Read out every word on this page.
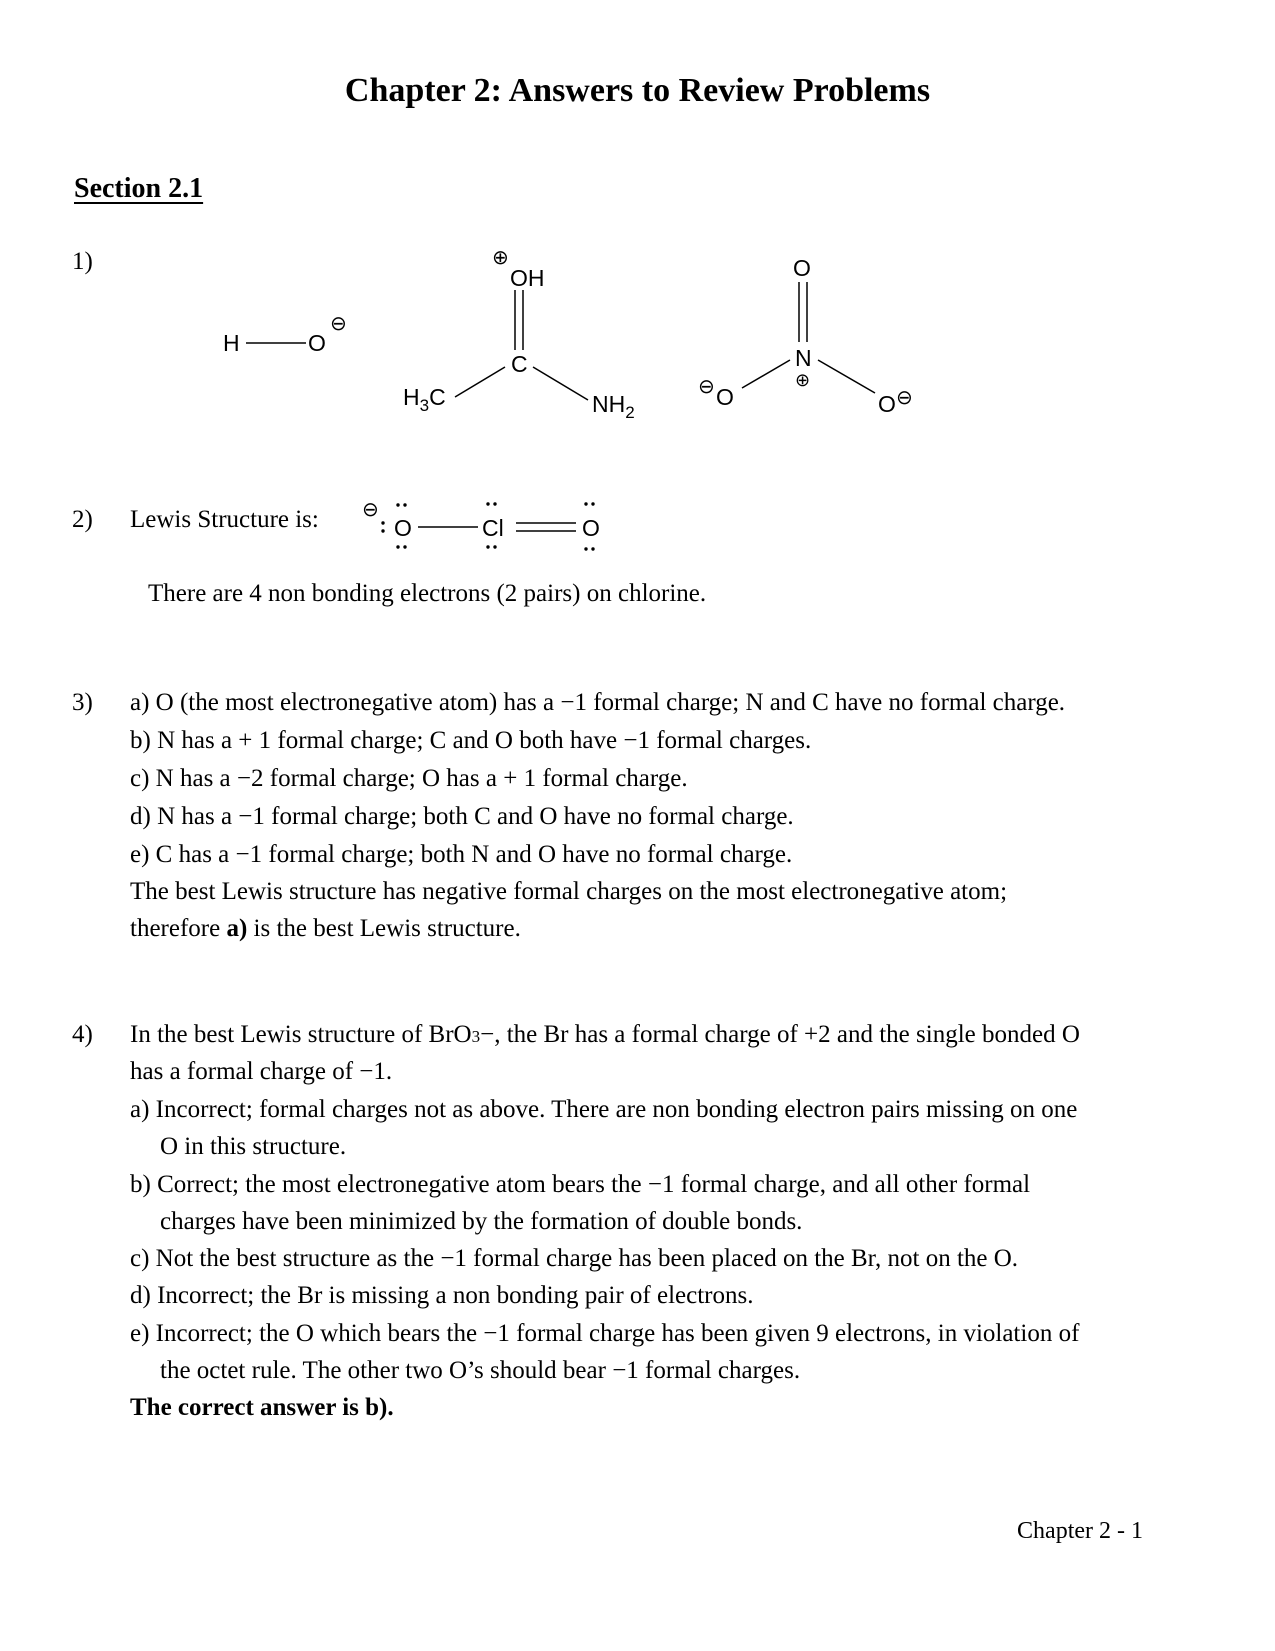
Chapter 2: Answers to Review Problems
Section 2.1
1)
H	O
⊖
⊕
OH
C
$H_3C$	$NH_2$
O
N
⊕
⊖ O	O ⊖
⊖
O	Cl	O
2) Lewis Structure is:
There are 4 non bonding electrons (2 pairs) on chlorine.
3) a) O (the most electronegative atom) has a −1 formal charge; N and C have no formal charge.
b) N has a + 1 formal charge; C and O both have −1 formal charges.
c) N has a −2 formal charge; O has a + 1 formal charge.
d) N has a −1 formal charge; both C and O have no formal charge.
e) C has a −1 formal charge; both N and O have no formal charge.
The best Lewis structure has negative formal charges on the most electronegative atom;
therefore a) is the best Lewis structure.
4) In the best Lewis structure of BrO3−, the Br has a formal charge of +2 and the single bonded O
has a formal charge of −1.
a) Incorrect; formal charges not as above. There are non bonding electron pairs missing on one
O in this structure.
b) Correct; the most electronegative atom bears the −1 formal charge, and all other formal
charges have been minimized by the formation of double bonds.
c) Not the best structure as the −1 formal charge has been placed on the Br, not on the O.
d) Incorrect; the Br is missing a non bonding pair of electrons.
e) Incorrect; the O which bears the −1 formal charge has been given 9 electrons, in violation of
the octet rule. The other two O’s should bear −1 formal charges.
The correct answer is b).
Chapter 2 - 1
